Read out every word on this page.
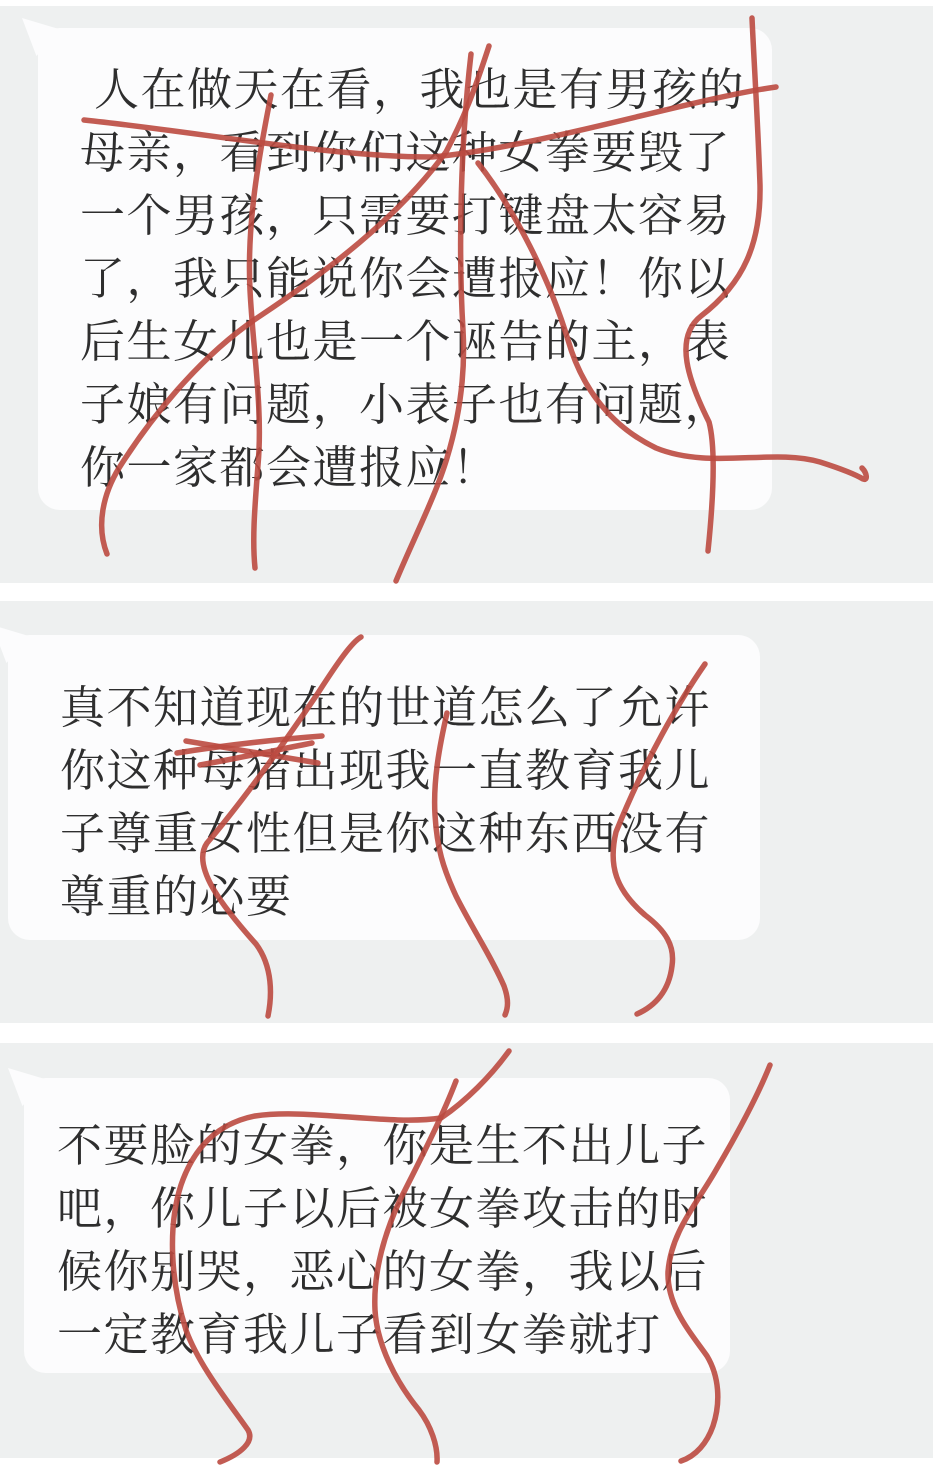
人在做天在看，我也是有男孩的
母亲，看到你们这种女拳要毁了
一个男孩，只需要打键盘太容易
了，我只能说你会遭报应！你以
后生女儿也是一个诬告的主，表
子娘有问题，小表子也有问题，
你一家都会遭报应！
真不知道现在的世道怎么了允许
你这种母猪出现我一直教育我儿
子尊重女性但是你这种东西没有
尊重的必要
不要脸的女拳，你是生不出儿子
吧，你儿子以后被女拳攻击的时
候你别哭，恶心的女拳，我以后
一定教育我儿子看到女拳就打
